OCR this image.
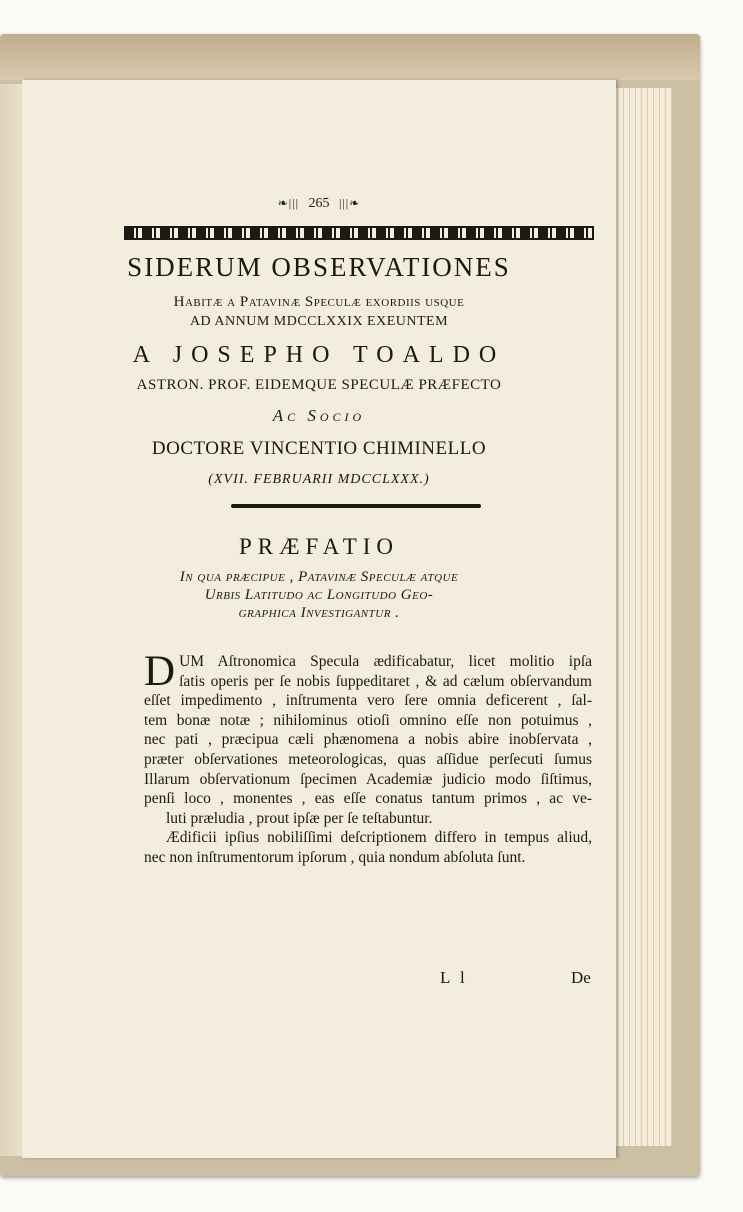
❧||| 265 |||❧
SIDERUM OBSERVATIONES
Habitæ a Patavinæ Speculæ exordiis usque
AD ANNUM MDCCLXXIX EXEUNTEM
A JOSEPHO TOALDO
ASTRON. PROF. EIDEMQUE SPECULÆ PRÆFECTO
Ac Socio
DOCTORE VINCENTIO CHIMINELLO
(XVII. FEBRUARII MDCCLXXX.)
PRÆFATIO
In qua præcipue , Patavinæ Speculæ atque
Urbis Latitudo ac Longitudo Geo-
graphica Investigantur .
D UM Aſtronomica Specula ædificabatur, licet molitio ipſa
ſatis operis per ſe nobis ſuppeditaret , & ad cælum obſervandum
eſſet impedimento , inſtrumenta vero ſere omnia deficerent , ſal-
tem bonæ notæ ; nihilominus otioſi omnino eſſe non potuimus ,
nec pati , præcipua cæli phænomena a nobis abire inobſervata ,
præter obſervationes meteorologicas, quas aſſidue perſecuti ſumus
Illarum obſervationum ſpecimen Academiæ judicio modo ſiſtimus,
penſi loco , monentes , eas eſſe conatus tantum primos , ac ve-
luti præludia , prout ipſæ per ſe teſtabuntur.
Ædificii ipſius nobiliſſimi deſcriptionem differo in tempus aliud,
nec non inſtrumentorum ipſorum , quia nondum abſoluta ſunt.
L l	De
